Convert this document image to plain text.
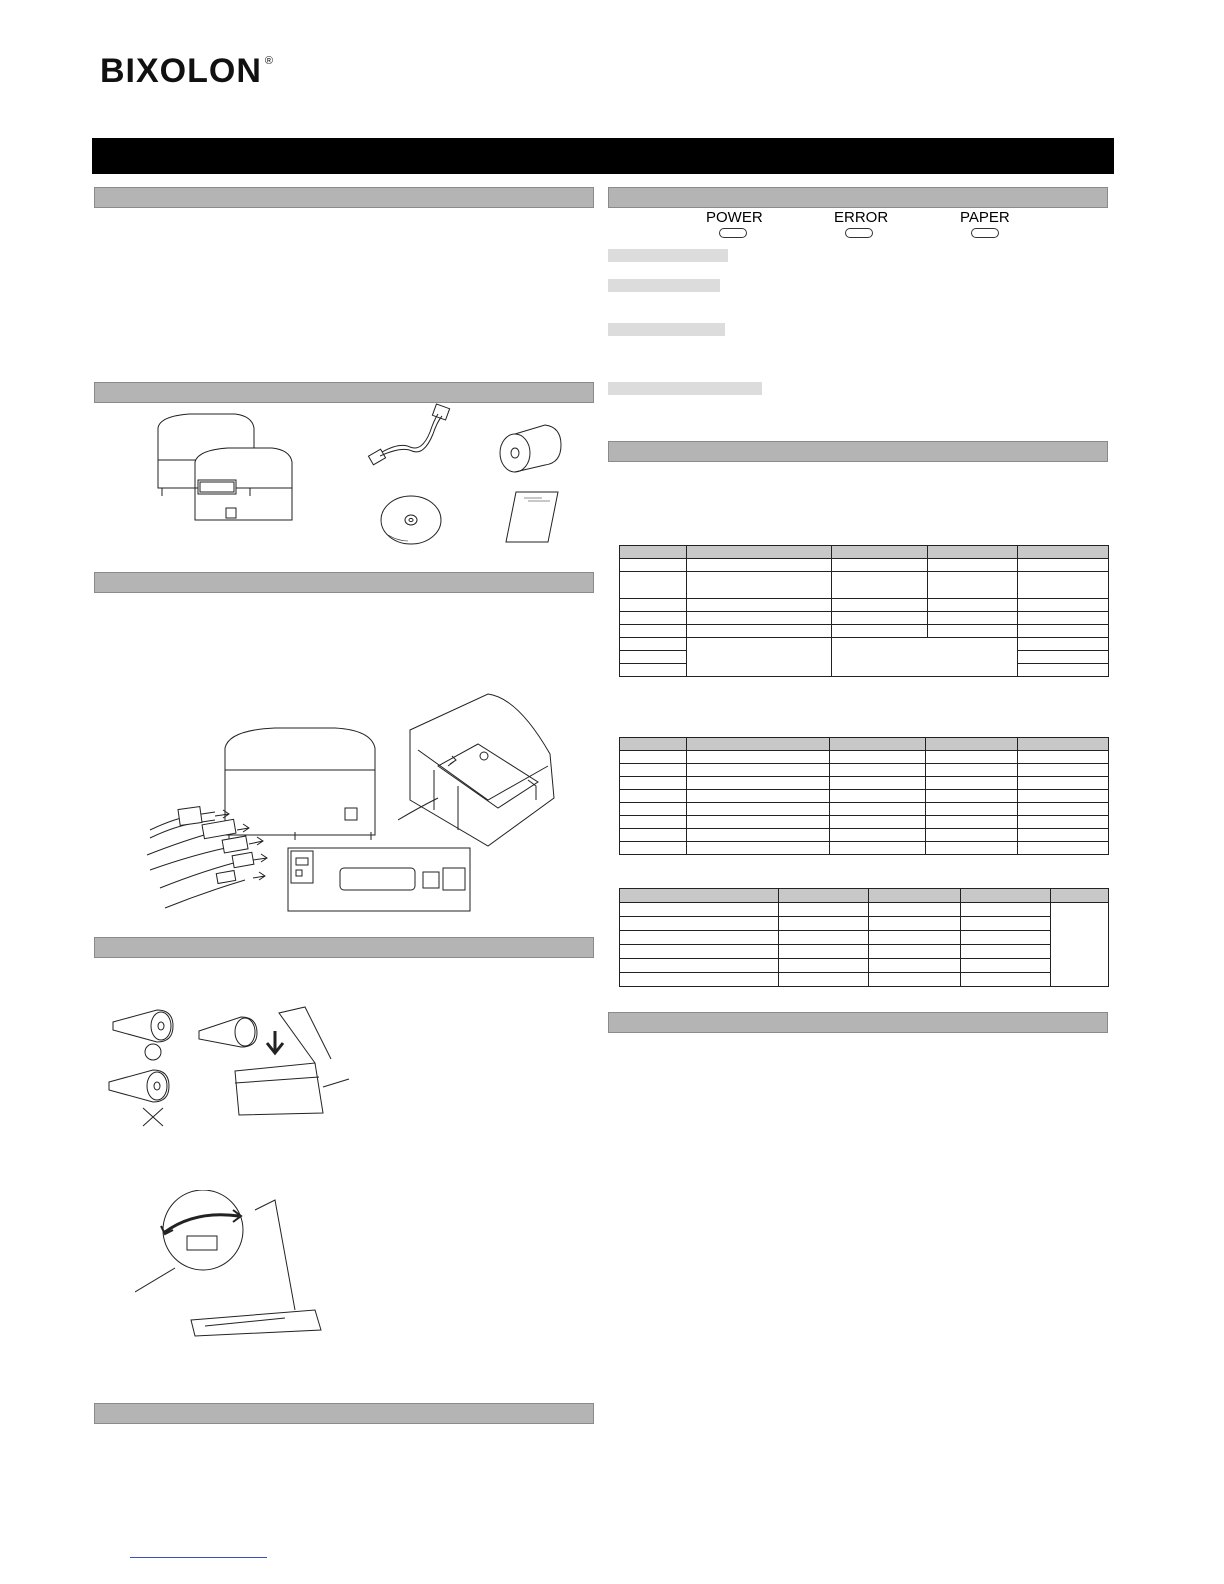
BIXOLON ®
POWER	ERROR	PAPER
